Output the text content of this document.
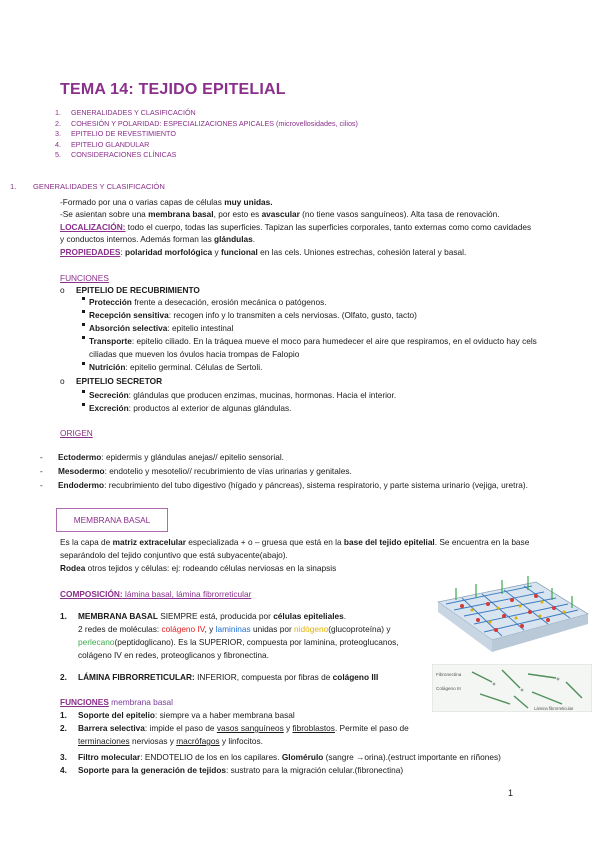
TEMA 14: TEJIDO EPITELIAL
1. GENERALIDADES Y CLASIFICACIÓN
2. COHESIÓN Y POLARIDAD: ESPECIALIZACIONES APICALES (microvellosidades, cilios)
3. EPITELIO DE REVESTIMIENTO
4. EPITELIO GLANDULAR
5. CONSIDERACIONES CLÍNICAS
1. GENERALIDADES Y CLASIFICACIÓN
-Formado por una o varias capas de células muy unidas.
-Se asientan sobre una membrana basal, por esto es avascular (no tiene vasos sanguíneos). Alta tasa de renovación.
LOCALIZACIÓN: todo el cuerpo, todas las superficies. Tapizan las superficies corporales, tanto externas como como cavidades
y conductos internos. Además forman las glándulas.
PROPIEDADES: polaridad morfológica y funcional en las cels. Uniones estrechas, cohesión lateral y basal.
FUNCIONES
o EPITELIO DE RECUBRIMIENTO
Protección frente a desecación, erosión mecánica o patógenos.
Recepción sensitiva: recogen info y lo transmiten a cels nerviosas. (Olfato, gusto, tacto)
Absorción selectiva: epitelio intestinal
Transporte: epitelio ciliado. En la tráquea mueve el moco para humedecer el aire que respiramos, en el oviducto hay cels
ciliadas que mueven los óvulos hacia trompas de Falopio
Nutrición: epitelio germinal. Células de Sertoli.
o EPITELIO SECRETOR
Secreción: glándulas que producen enzimas, mucinas, hormonas. Hacia el interior.
Excreción: productos al exterior de algunas glándulas.
ORIGEN
- Ectodermo: epidermis y glándulas anejas// epitelio sensorial.
- Mesodermo: endotelio y mesotelio// recubrimiento de vías urinarias y genitales.
- Endodermo: recubrimiento del tubo digestivo (hígado y páncreas), sistema respiratorio, y parte sistema urinario (vejiga, uretra).
MEMBRANA BASAL
Es la capa de matriz extracelular especializada + o – gruesa que está en la base del tejido epitelial. Se encuentra en la base
separándolo del tejido conjuntivo que está subyacente(abajo).
Rodea otros tejidos y células: ej: rodeando células nerviosas en la sinapsis
COMPOSICIÓN: lámina basal, lámina fibrorreticular
1. MEMBRANA BASAL SIEMPRE está, producida por células epiteliales.
2 redes de moléculas: colágeno IV, y lamininas unidas por nidógeno(glucoproteína) y
perlecano(peptidoglicano). Es la SUPERIOR, compuesta por laminina, proteoglucanos,
colágeno IV en redes, proteoglicanos y fibronectina.
2. LÁMINA FIBRORRETICULAR: INFERIOR, compuesta por fibras de colágeno III
FUNCIONES membrana basal
1. Soporte del epitelio: siempre va a haber membrana basal
2. Barrera selectiva: impide el paso de vasos sanguíneos y fibroblastos. Permite el paso de
terminaciones nerviosas y macrófagos y linfocitos.
3. Filtro molecular: ENDOTELIO de los en los capilares. Glomérulo (sangre →orina).(estruct importante en riñones)
4. Soporte para la generación de tejidos: sustrato para la migración celular.(fibronectina)
Fibronectina
Colágeno III
Lámina fibrorreticular
1
